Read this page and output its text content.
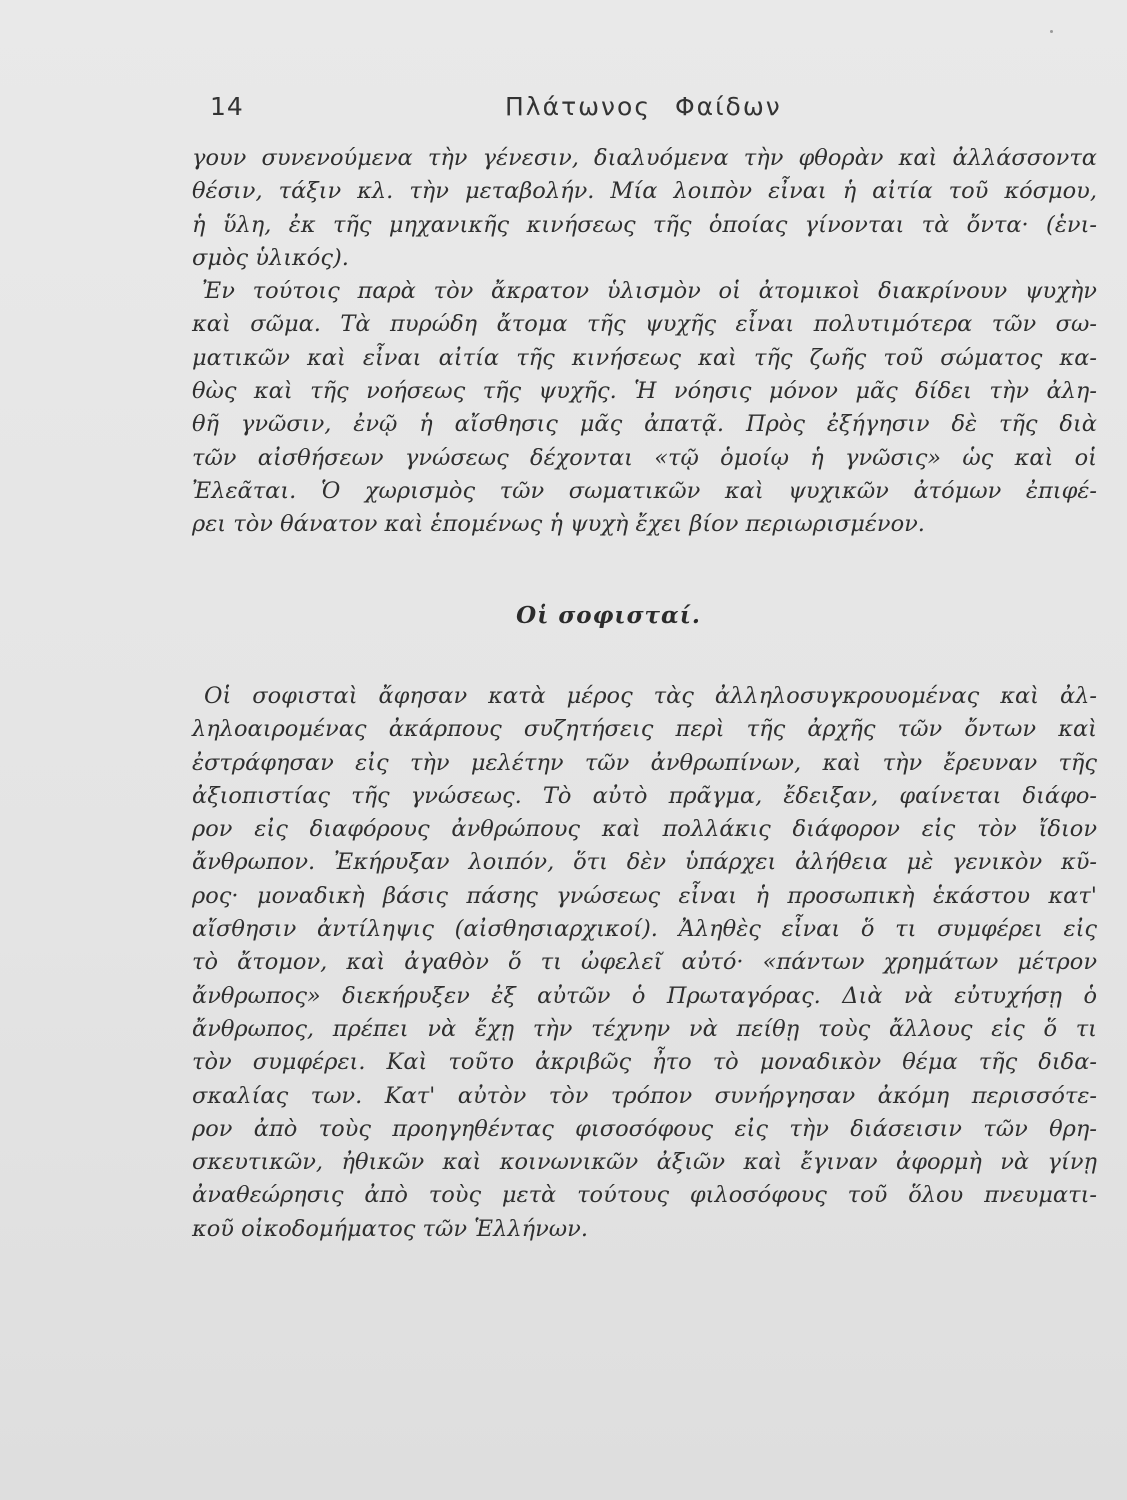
14	Πλάτωνος Φαίδων
γουν συνενούμενα τὴν γένεσιν, διαλυόμενα τὴν φθορὰν καὶ ἀλλάσσοντα
θέσιν, τάξιν κλ. τὴν μεταβολήν. Μία λοιπὸν εἶναι ἡ αἰτία τοῦ κόσμου,
ἡ ὕλη, ἐκ τῆς μηχανικῆς κινήσεως τῆς ὁποίας γίνονται τὰ ὄντα· (ἑνι-
σμὸς ὑλικός).
Ἐν τούτοις παρὰ τὸν ἄκρατον ὑλισμὸν οἱ ἀτομικοὶ διακρίνουν ψυχὴν
καὶ σῶμα. Τὰ πυρώδη ἄτομα τῆς ψυχῆς εἶναι πολυτιμότερα τῶν σω-
ματικῶν καὶ εἶναι αἰτία τῆς κινήσεως καὶ τῆς ζωῆς τοῦ σώματος κα-
θὼς καὶ τῆς νοήσεως τῆς ψυχῆς. Ἡ νόησις μόνον μᾶς δίδει τὴν ἀλη-
θῆ γνῶσιν, ἐνῷ ἡ αἴσθησις μᾶς ἀπατᾷ. Πρὸς ἐξήγησιν δὲ τῆς διὰ
τῶν αἰσθήσεων γνώσεως δέχονται «τῷ ὁμοίῳ ἡ γνῶσις» ὡς καὶ οἱ
Ἐλεᾶται. Ὁ χωρισμὸς τῶν σωματικῶν καὶ ψυχικῶν ἀτόμων ἐπιφέ-
ρει τὸν θάνατον καὶ ἑπομένως ἡ ψυχὴ ἔχει βίον περιωρισμένον.
Οἱ σοφισταί.
Οἱ σοφισταὶ ἄφησαν κατὰ μέρος τὰς ἀλληλοσυγκρουομένας καὶ ἀλ-
ληλοαιρομένας ἀκάρπους συζητήσεις περὶ τῆς ἀρχῆς τῶν ὄντων καὶ
ἐστράφησαν εἰς τὴν μελέτην τῶν ἀνθρωπίνων, καὶ τὴν ἔρευναν τῆς
ἀξιοπιστίας τῆς γνώσεως. Τὸ αὐτὸ πρᾶγμα, ἔδειξαν, φαίνεται διάφο-
ρον εἰς διαφόρους ἀνθρώπους καὶ πολλάκις διάφορον εἰς τὸν ἴδιον
ἄνθρωπον. Ἐκήρυξαν λοιπόν, ὅτι δὲν ὑπάρχει ἀλήθεια μὲ γενικὸν κῦ-
ρος· μοναδικὴ βάσις πάσης γνώσεως εἶναι ἡ προσωπικὴ ἑκάστου κατ'
αἴσθησιν ἀντίληψις (αἰσθησιαρχικοί). Ἀληθὲς εἶναι ὅ τι συμφέρει εἰς
τὸ ἄτομον, καὶ ἀγαθὸν ὅ τι ὠφελεῖ αὐτό· «πάντων χρημάτων μέτρον
ἄνθρωπος» διεκήρυξεν ἐξ αὐτῶν ὁ Πρωταγόρας. Διὰ νὰ εὐτυχήσῃ ὁ
ἄνθρωπος, πρέπει νὰ ἔχῃ τὴν τέχνην νὰ πείθῃ τοὺς ἄλλους εἰς ὅ τι
τὸν συμφέρει. Καὶ τοῦτο ἀκριβῶς ἦτο τὸ μοναδικὸν θέμα τῆς διδα-
σκαλίας των. Κατ' αὐτὸν τὸν τρόπον συνήργησαν ἀκόμη περισσότε-
ρον ἀπὸ τοὺς προηγηθέντας φισοσόφους εἰς τὴν διάσεισιν τῶν θρη-
σκευτικῶν, ἠθικῶν καὶ κοινωνικῶν ἀξιῶν καὶ ἔγιναν ἀφορμὴ νὰ γίνῃ
ἀναθεώρησις ἀπὸ τοὺς μετὰ τούτους φιλοσόφους τοῦ ὅλου πνευματι-
κοῦ οἰκοδομήματος τῶν Ἑλλήνων.
